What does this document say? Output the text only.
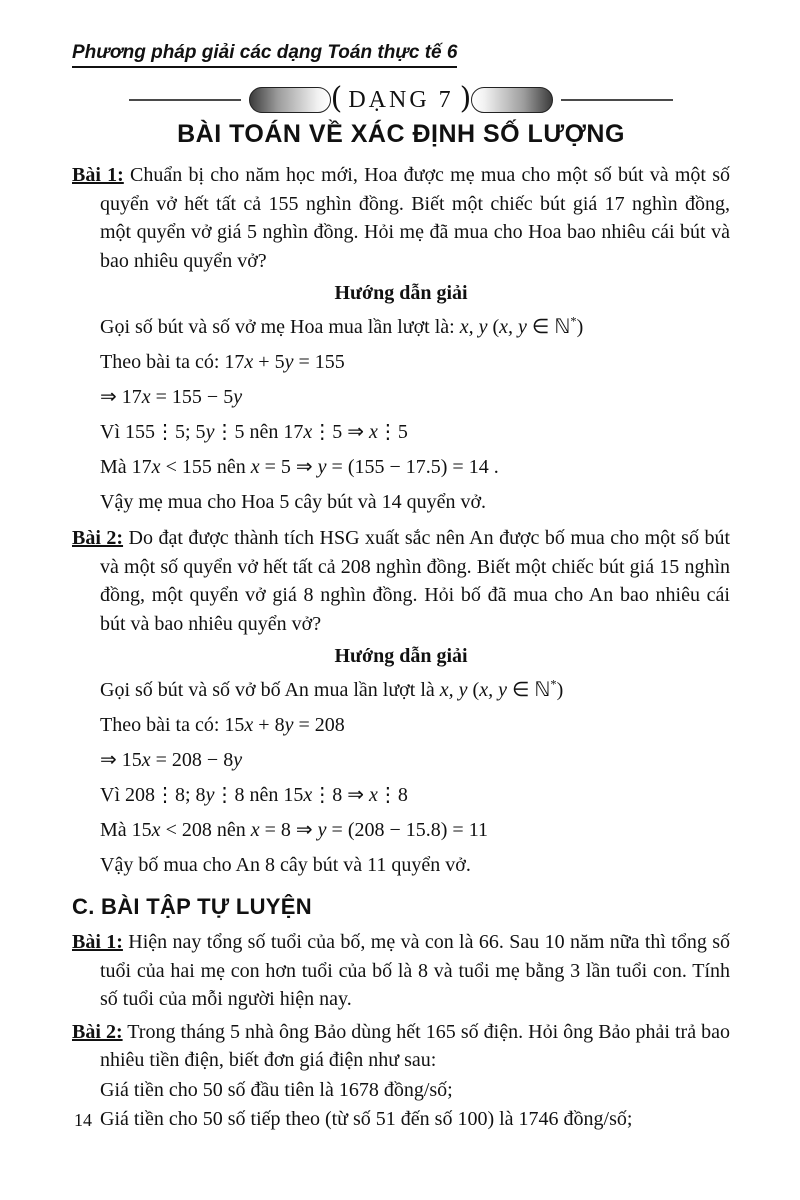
Phương pháp giải các dạng Toán thực tế 6
( DẠNG 7 )
BÀI TOÁN VỀ XÁC ĐỊNH SỐ LƯỢNG

Bài 1: Chuẩn bị cho năm học mới, Hoa được mẹ mua cho một số bút và một số quyển vở hết tất cả 155 nghìn đồng. Biết một chiếc bút giá 17 nghìn đồng, một quyển vở giá 5 nghìn đồng. Hỏi mẹ đã mua cho Hoa bao nhiêu cái bút và bao nhiêu quyển vở?

Hướng dẫn giải
Gọi số bút và số vở mẹ Hoa mua lần lượt là: x, y (x, y ∈ ℕ*)
Theo bài ta có: 17x + 5y = 155
⇒ 17x = 155 − 5y
Vì 155⋮5; 5y⋮5 nên 17x⋮5 ⇒ x⋮5
Mà 17x < 155 nên x = 5 ⇒ y = (155 − 17.5) = 14 .
Vậy mẹ mua cho Hoa 5 cây bút và 14 quyển vở.

Bài 2: Do đạt được thành tích HSG xuất sắc nên An được bố mua cho một số bút và một số quyển vở hết tất cả 208 nghìn đồng. Biết một chiếc bút giá 15 nghìn đồng, một quyển vở giá 8 nghìn đồng. Hỏi bố đã mua cho An bao nhiêu cái bút và bao nhiêu quyển vở?

Hướng dẫn giải
Gọi số bút và số vở bố An mua lần lượt là x, y (x, y ∈ ℕ*)
Theo bài ta có: 15x + 8y = 208
⇒ 15x = 208 − 8y
Vì 208⋮8; 8y⋮8 nên 15x⋮8 ⇒ x⋮8
Mà 15x < 208 nên x = 8 ⇒ y = (208 − 15.8) = 11
Vậy bố mua cho An 8 cây bút và 11 quyển vở.
C. BÀI TẬP TỰ LUYỆN

Bài 1: Hiện nay tổng số tuổi của bố, mẹ và con là 66. Sau 10 năm nữa thì tổng số tuổi của hai mẹ con hơn tuổi của bố là 8 và tuổi mẹ bằng 3 lần tuổi con. Tính số tuổi của mỗi người hiện nay.

Bài 2: Trong tháng 5 nhà ông Bảo dùng hết 165 số điện. Hỏi ông Bảo phải trả bao nhiêu tiền điện, biết đơn giá điện như sau:
Giá tiền cho 50 số đầu tiên là 1678 đồng/số;
Giá tiền cho 50 số tiếp theo (từ số 51 đến số 100) là 1746 đồng/số;

14
